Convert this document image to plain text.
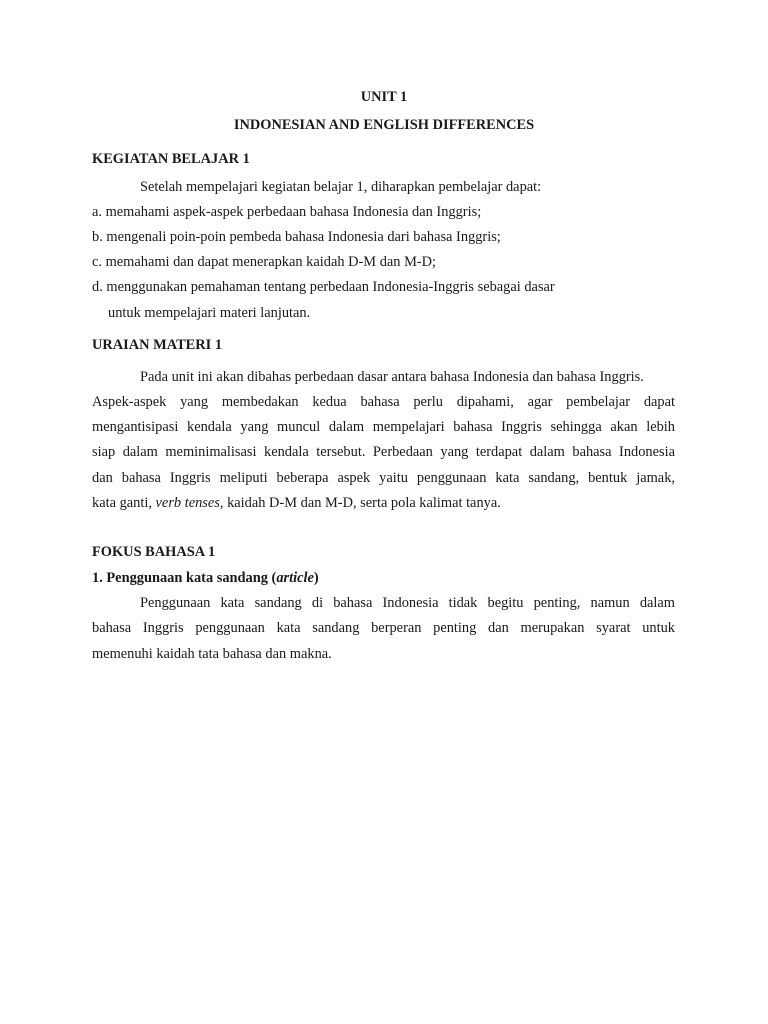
UNIT 1
INDONESIAN AND ENGLISH DIFFERENCES
KEGIATAN BELAJAR 1
Setelah mempelajari kegiatan belajar 1, diharapkan pembelajar dapat:
a. memahami aspek-aspek perbedaan bahasa Indonesia dan Inggris;
b. mengenali poin-poin pembeda bahasa Indonesia dari bahasa Inggris;
c. memahami dan dapat menerapkan kaidah D-M dan M-D;
d. menggunakan pemahaman tentang perbedaan Indonesia-Inggris sebagai dasar
untuk mempelajari materi lanjutan.
URAIAN MATERI 1
Pada unit ini akan dibahas perbedaan dasar antara bahasa Indonesia dan bahasa Inggris.
Aspek-aspek yang membedakan kedua bahasa perlu dipahami, agar pembelajar dapat
mengantisipasi kendala yang muncul dalam mempelajari bahasa Inggris sehingga akan lebih
siap dalam meminimalisasi kendala tersebut. Perbedaan yang terdapat dalam bahasa Indonesia
dan bahasa Inggris meliputi beberapa aspek yaitu penggunaan kata sandang, bentuk jamak,
kata ganti, verb tenses, kaidah D-M dan M-D, serta pola kalimat tanya.
FOKUS BAHASA 1
1. Penggunaan kata sandang (article)
Penggunaan kata sandang di bahasa Indonesia tidak begitu penting, namun dalam
bahasa Inggris penggunaan kata sandang berperan penting dan merupakan syarat untuk
memenuhi kaidah tata bahasa dan makna.
